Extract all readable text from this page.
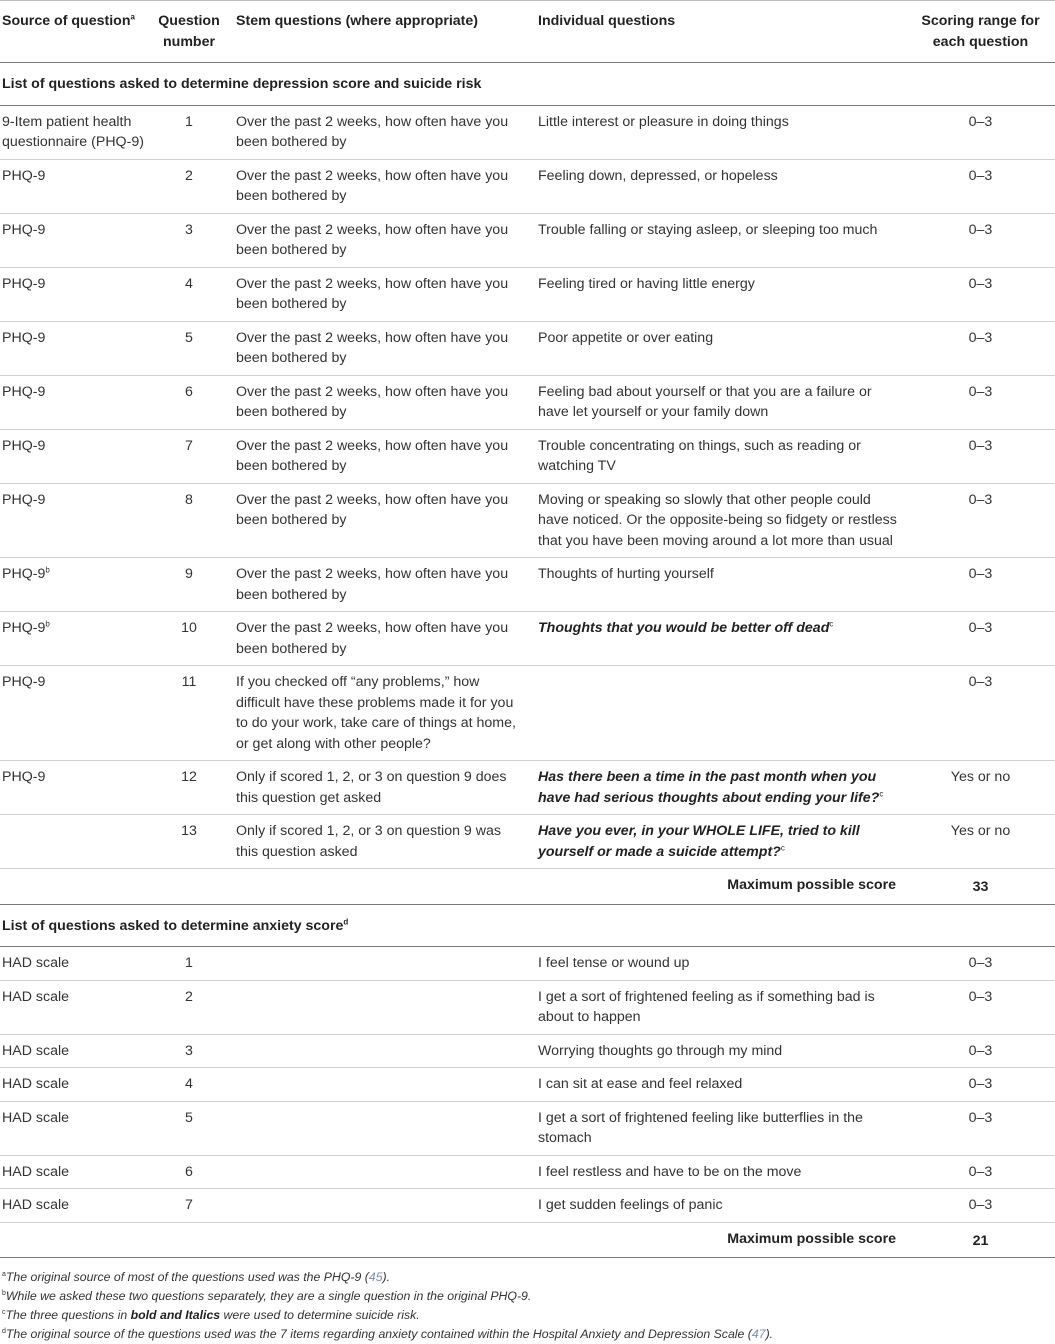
Source of question$^a$	Question number	Stem questions (where appropriate)	Individual questions	Scoring range for each question
List of questions asked to determine depression score and suicide risk				
9-Item patient health questionnaire (PHQ-9)	1	Over the past 2 weeks, how often have you been bothered by	Little interest or pleasure in doing things	0–3
PHQ-9	2	Over the past 2 weeks, how often have you been bothered by	Feeling down, depressed, or hopeless	0–3
PHQ-9	3	Over the past 2 weeks, how often have you been bothered by	Trouble falling or staying asleep, or sleeping too much	0–3
PHQ-9	4	Over the past 2 weeks, how often have you been bothered by	Feeling tired or having little energy	0–3
PHQ-9	5	Over the past 2 weeks, how often have you been bothered by	Poor appetite or over eating	0–3
PHQ-9	6	Over the past 2 weeks, how often have you been bothered by	Feeling bad about yourself or that you are a failure or have let yourself or your family down	0–3
PHQ-9	7	Over the past 2 weeks, how often have you been bothered by	Trouble concentrating on things, such as reading or watching TV	0–3
PHQ-9	8	Over the past 2 weeks, how often have you been bothered by	Moving or speaking so slowly that other people could have noticed. Or the opposite-being so fidgety or restless that you have been moving around a lot more than usual	0–3
PHQ-9$^b$	9	Over the past 2 weeks, how often have you been bothered by	Thoughts of hurting yourself	0–3
PHQ-9$^b$	10	Over the past 2 weeks, how often have you been bothered by	Thoughts that you would be better off dead$^c$	0–3
PHQ-9	11	If you checked off “any problems,” how difficult have these problems made it for you to do your work, take care of things at home, or get along with other people?		0–3
PHQ-9	12	Only if scored 1, 2, or 3 on question 9 does this question get asked	Has there been a time in the past month when you have had serious thoughts about ending your life?$^c$	Yes or no
	13	Only if scored 1, 2, or 3 on question 9 was this question asked	Have you ever, in your WHOLE LIFE, tried to kill yourself or made a suicide attempt?$^c$	Yes or no
Maximum possible score				33
List of questions asked to determine anxiety score$^d$
HAD scale	1		I feel tense or wound up	0–3
HAD scale	2		I get a sort of frightened feeling as if something bad is about to happen	0–3
HAD scale	3		Worrying thoughts go through my mind	0–3
HAD scale	4		I can sit at ease and feel relaxed	0–3
HAD scale	5		I get a sort of frightened feeling like butterflies in the stomach	0–3
HAD scale	6		I feel restless and have to be on the move	0–3
HAD scale	7		I get sudden feelings of panic	0–3
Maximum possible score				21
$^a$The original source of most of the questions used was the PHQ-9 (45).
$^b$While we asked these two questions separately, they are a single question in the original PHQ-9.
$^c$The three questions in bold and Italics were used to determine suicide risk.
$^d$The original source of the questions used was the 7 items regarding anxiety contained within the Hospital Anxiety and Depression Scale (47).
